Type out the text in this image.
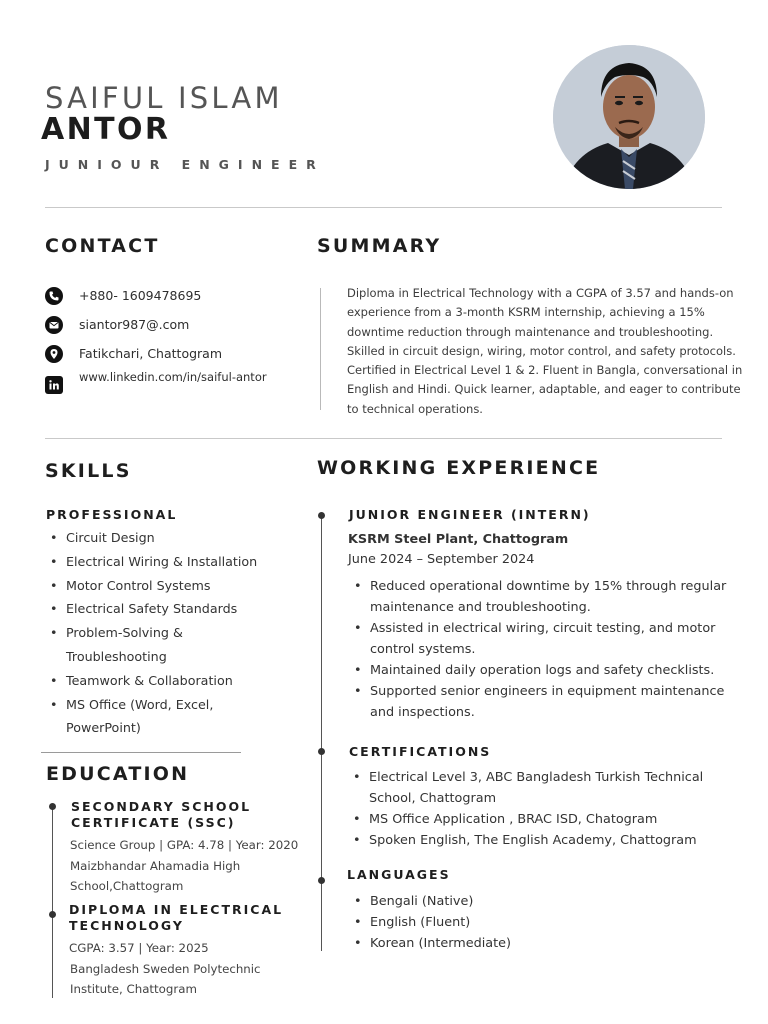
SAIFUL ISLAM
ANTOR
JUNIOUR ENGINEER
CONTACT
+880- 1609478695
siantor987@.com
Fatikchari, Chattogram
www.linkedin.com/in/saiful-antor
SUMMARY
Diploma in Electrical Technology with a CGPA of 3.57 and hands-on experience from a 3-month KSRM internship, achieving a 15% downtime reduction through maintenance and troubleshooting. Skilled in circuit design, wiring, motor control, and safety protocols. Certified in Electrical Level 1 & 2. Fluent in Bangla, conversational in English and Hindi. Quick learner, adaptable, and eager to contribute to technical operations.
SKILLS
PROFESSIONAL
• Circuit Design
• Electrical Wiring & Installation
• Motor Control Systems
• Electrical Safety Standards
• Problem-Solving & Troubleshooting
• Teamwork & Collaboration
• MS Office (Word, Excel, PowerPoint)
EDUCATION
SECONDARY SCHOOL CERTIFICATE (SSC)
Science Group | GPA: 4.78 | Year: 2020
Maizbhandar Ahamadia High School,Chattogram
DIPLOMA IN ELECTRICAL TECHNOLOGY
CGPA: 3.57 | Year: 2025
Bangladesh Sweden Polytechnic Institute, Chattogram
WORKING EXPERIENCE
JUNIOR ENGINEER (INTERN)
KSRM Steel Plant, Chattogram
June 2024 – September 2024
• Reduced operational downtime by 15% through regular maintenance and troubleshooting.
• Assisted in electrical wiring, circuit testing, and motor control systems.
• Maintained daily operation logs and safety checklists.
• Supported senior engineers in equipment maintenance and inspections.
CERTIFICATIONS
• Electrical Level 3, ABC Bangladesh Turkish Technical School, Chattogram
• MS Office Application , BRAC ISD, Chatogram
• Spoken English, The English Academy, Chattogram
LANGUAGES
• Bengali (Native)
• English (Fluent)
• Korean (Intermediate)
